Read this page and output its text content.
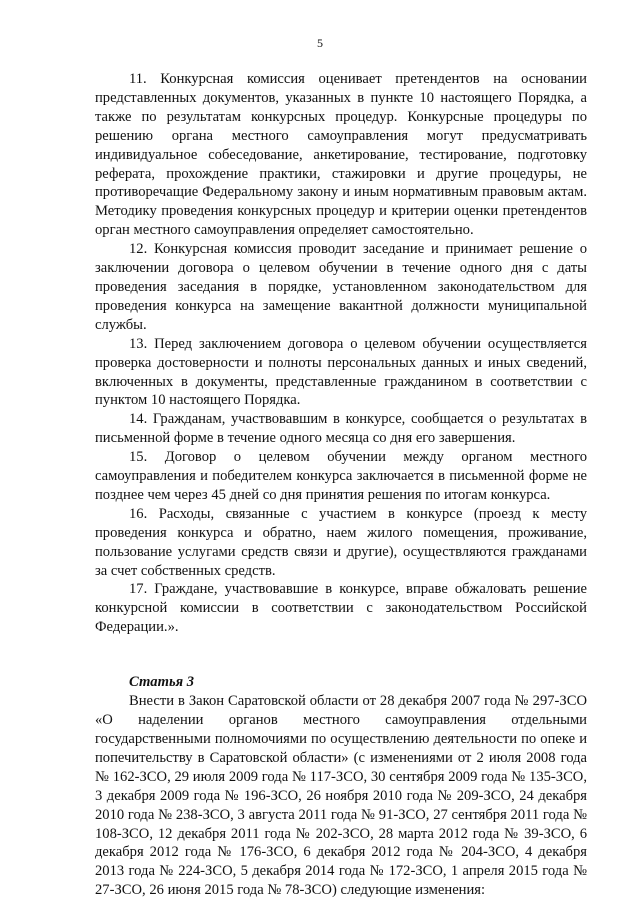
5

11. Конкурсная комиссия оценивает претендентов на основании представленных документов, указанных в пункте 10 настоящего Порядка, а также по результатам конкурсных процедур. Конкурсные процедуры по решению органа местного самоуправления могут предусматривать индивидуальное собеседование, анкетирование, тестирование, подготовку реферата, прохождение практики, стажировки и другие процедуры, не противоречащие Федеральному закону и иным нормативным правовым актам. Методику проведения конкурсных процедур и критерии оценки претендентов орган местного самоуправления определяет самостоятельно.

12. Конкурсная комиссия проводит заседание и принимает решение о заключении договора о целевом обучении в течение одного дня с даты проведения заседания в порядке, установленном законодательством для проведения конкурса на замещение вакантной должности муниципальной службы.

13. Перед заключением договора о целевом обучении осуществляется проверка достоверности и полноты персональных данных и иных сведений, включенных в документы, представленные гражданином в соответствии с пунктом 10 настоящего Порядка.

14. Гражданам, участвовавшим в конкурсе, сообщается о результатах в письменной форме в течение одного месяца со дня его завершения.

15. Договор о целевом обучении между органом местного самоуправления и победителем конкурса заключается в письменной форме не позднее чем через 45 дней со дня принятия решения по итогам конкурса.

16. Расходы, связанные с участием в конкурсе (проезд к месту проведения конкурса и обратно, наем жилого помещения, проживание, пользование услугами средств связи и другие), осуществляются гражданами за счет собственных средств.

17. Граждане, участвовавшие в конкурсе, вправе обжаловать решение конкурсной комиссии в соответствии с законодательством Российской Федерации.».

Статья 3

Внести в Закон Саратовской области от 28 декабря 2007 года № 297-ЗСО «О наделении органов местного самоуправления отдельными государственными полномочиями по осуществлению деятельности по опеке и попечительству в Саратовской области» (с изменениями от 2 июля 2008 года № 162-ЗСО, 29 июля 2009 года № 117-ЗСО, 30 сентября 2009 года № 135-ЗСО, 3 декабря 2009 года № 196-ЗСО, 26 ноября 2010 года № 209-ЗСО, 24 декабря 2010 года № 238-ЗСО, 3 августа 2011 года № 91-ЗСО, 27 сентября 2011 года № 108-ЗСО, 12 декабря 2011 года № 202-ЗСО, 28 марта 2012 года № 39-ЗСО, 6 декабря 2012 года № 176-ЗСО, 6 декабря 2012 года № 204-ЗСО, 4 декабря 2013 года № 224-ЗСО, 5 декабря 2014 года № 172-ЗСО, 1 апреля 2015 года № 27-ЗСО, 26 июня 2015 года № 78-ЗСО) следующие изменения:
